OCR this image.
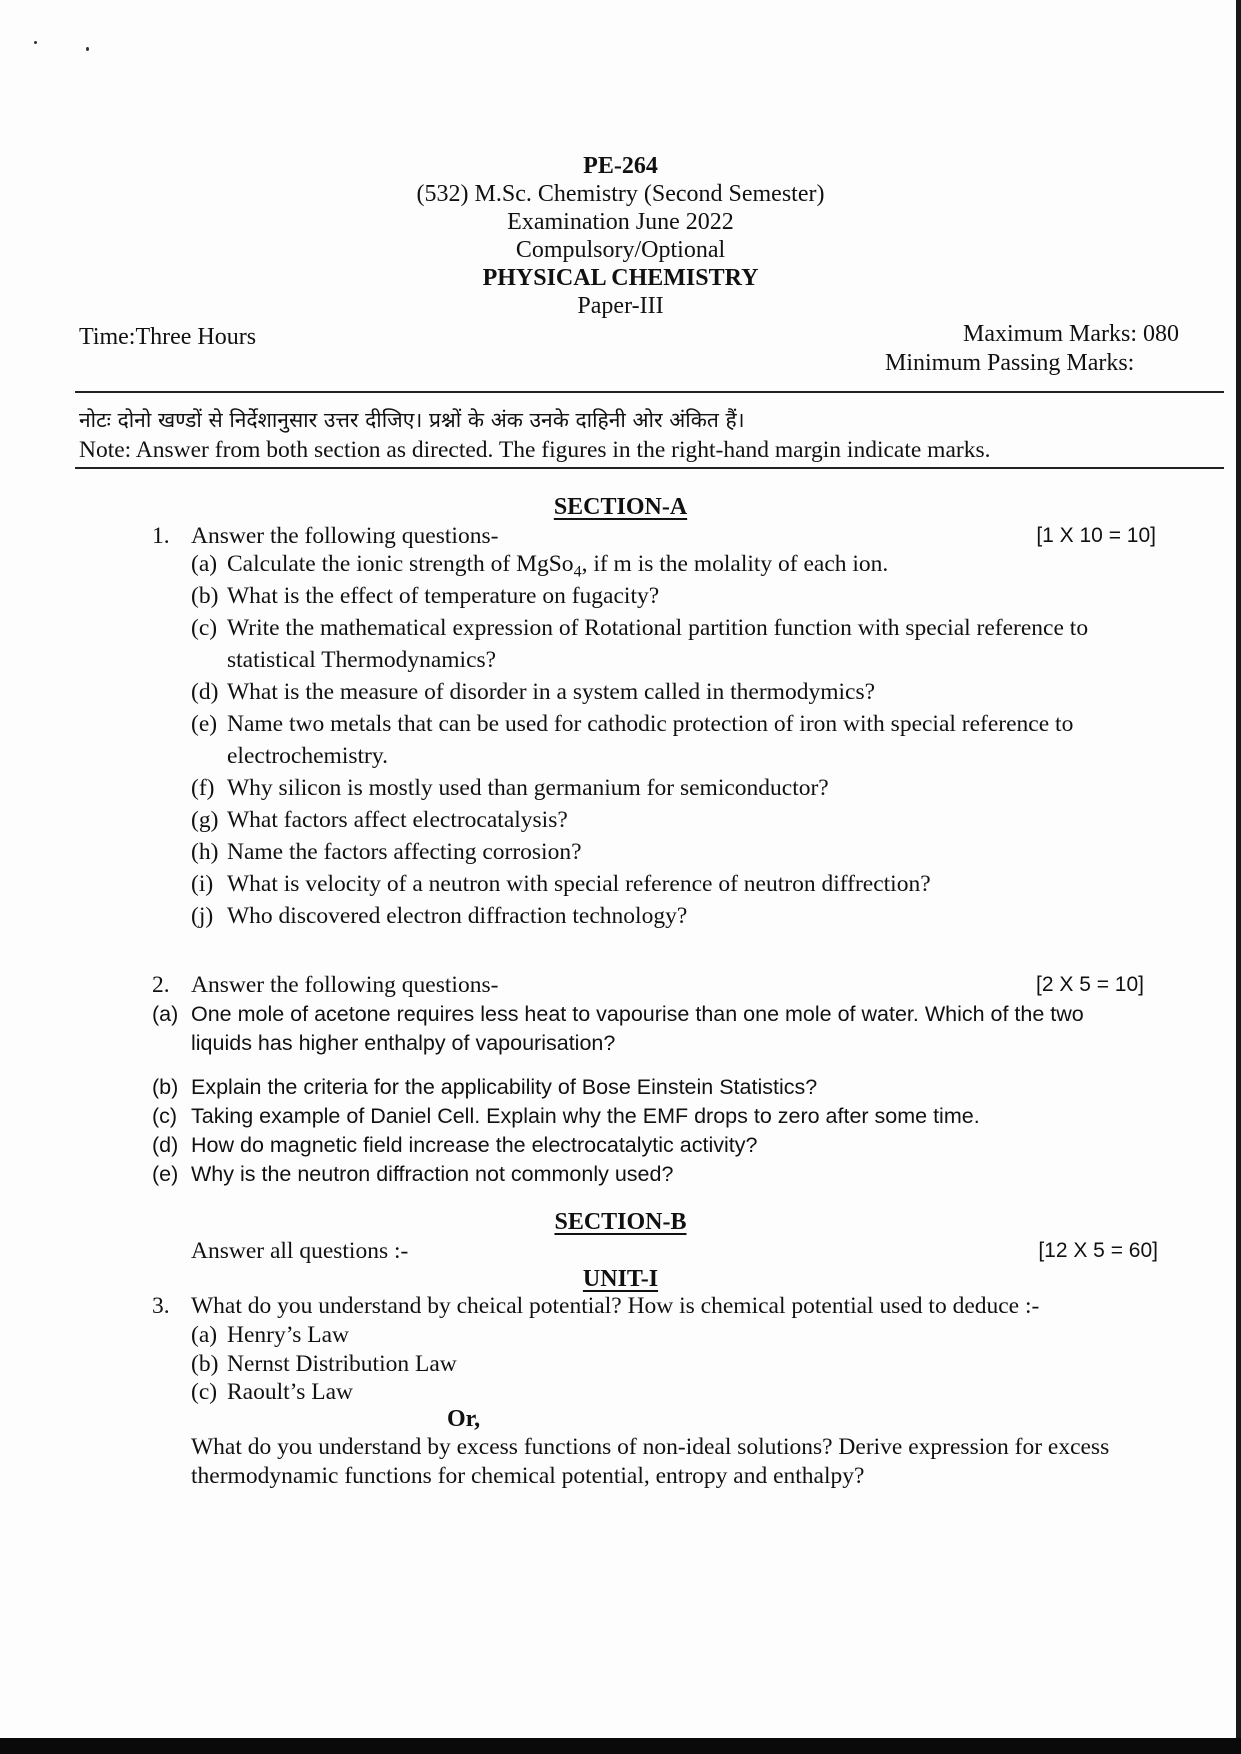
PE-264
(532) M.Sc. Chemistry (Second Semester)
Examination June 2022
Compulsory/Optional
PHYSICAL CHEMISTRY
Paper-III
Time:Three Hours	Maximum Marks: 080
Minimum Passing Marks:
नोटः दोनो खण्डों से निर्देशानुसार उत्तर दीजिए। प्रश्नों के अंक उनके दाहिनी ओर अंकित हैं।
Note: Answer from both section as directed. The figures in the right-hand margin indicate marks.
SECTION-A
1. Answer the following questions-	[1 X 10 = 10]
(a) Calculate the ionic strength of MgSo$_4$, if m is the molality of each ion.
(b) What is the effect of temperature on fugacity?
(c) Write the mathematical expression of Rotational partition function with special reference to
statistical Thermodynamics?
(d) What is the measure of disorder in a system called in thermodymics?
(e) Name two metals that can be used for cathodic protection of iron with special reference to
electrochemistry.
(f) Why silicon is mostly used than germanium for semiconductor?
(g) What factors affect electrocatalysis?
(h) Name the factors affecting corrosion?
(i) What is velocity of a neutron with special reference of neutron diffrection?
(j) Who discovered electron diffraction technology?
2. Answer the following questions-	[2 X 5 = 10]
(a) One mole of acetone requires less heat to vapourise than one mole of water. Which of the two
liquids has higher enthalpy of vapourisation?
(b) Explain the criteria for the applicability of Bose Einstein Statistics?
(c) Taking example of Daniel Cell. Explain why the EMF drops to zero after some time.
(d) How do magnetic field increase the electrocatalytic activity?
(e) Why is the neutron diffraction not commonly used?
SECTION-B
Answer all questions :-	[12 X 5 = 60]
UNIT-I
3. What do you understand by cheical potential? How is chemical potential used to deduce :-
(a) Henry’s Law
(b) Nernst Distribution Law
(c) Raoult’s Law
Or,
What do you understand by excess functions of non-ideal solutions? Derive expression for excess
thermodynamic functions for chemical potential, entropy and enthalpy?
